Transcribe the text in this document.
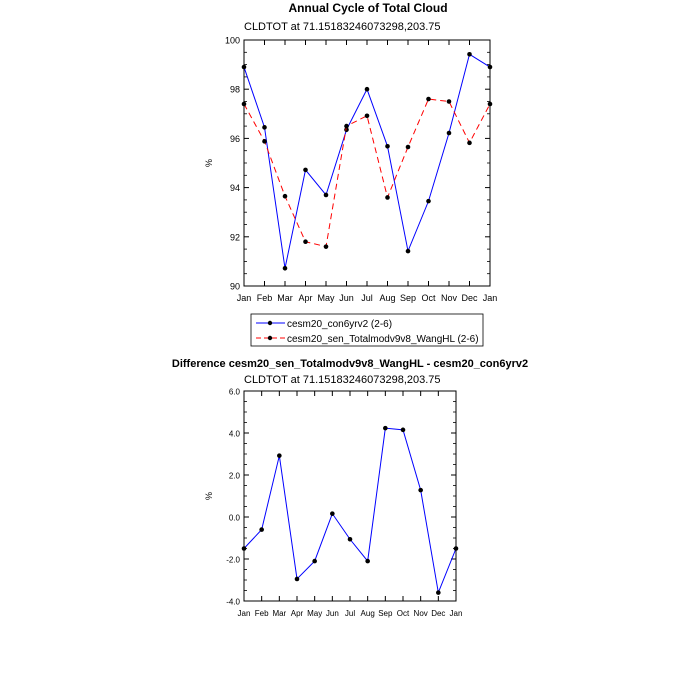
Annual Cycle of Total Cloud
CLDTOT at 71.15183246073298,203.75
90
92
94
96
98
100
Jan Feb Mar Apr May Jun Jul Aug Sep Oct Nov Dec Jan
%
cesm20_con6yrv2 (2-6)
cesm20_sen_Totalmodv9v8_WangHL (2-6)
Difference cesm20_sen_Totalmodv9v8_WangHL - cesm20_con6yrv2
CLDTOT at 71.15183246073298,203.75
-4.0
-2.0
0.0
2.0
4.0
6.0
Jan Feb Mar Apr May Jun Jul Aug Sep Oct Nov Dec Jan
%
